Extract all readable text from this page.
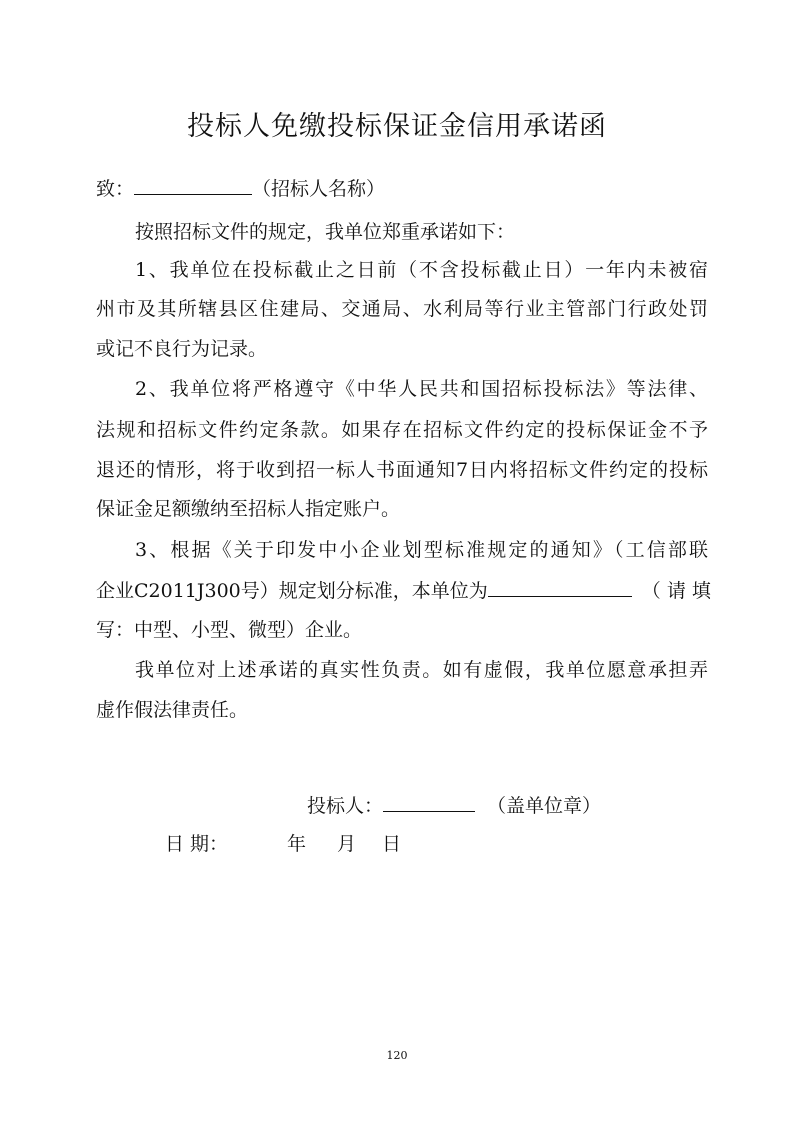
投标人免缴投标保证金信用承诺函
致：	（招标人名称）
按照招标文件的规定，我单位郑重承诺如下：
1、我单位在投标截止之日前（不含投标截止日）一年内未被宿
州市及其所辖县区住建局、交通局、水利局等行业主管部门行政处罚
或记不良行为记录。
2、我单位将严格遵守《中华人民共和国招标投标法》等法律、
法规和招标文件约定条款。如果存在招标文件约定的投标保证金不予
退还的情形，将于收到招一标人书面通知7日内将招标文件约定的投标
保证金足额缴纳至招标人指定账户。
3、根据《关于印发中小企业划型标准规定的通知》（工信部联
企业C2011J300号）规定划分标准，本单位为	（ 请 填
写：中型、小型、微型）企业。
我单位对上述承诺的真实性负责。如有虚假，我单位愿意承担弄
虚作假法律责任。
投标人：	（盖单位章）
日 期：	年 月 日
120
